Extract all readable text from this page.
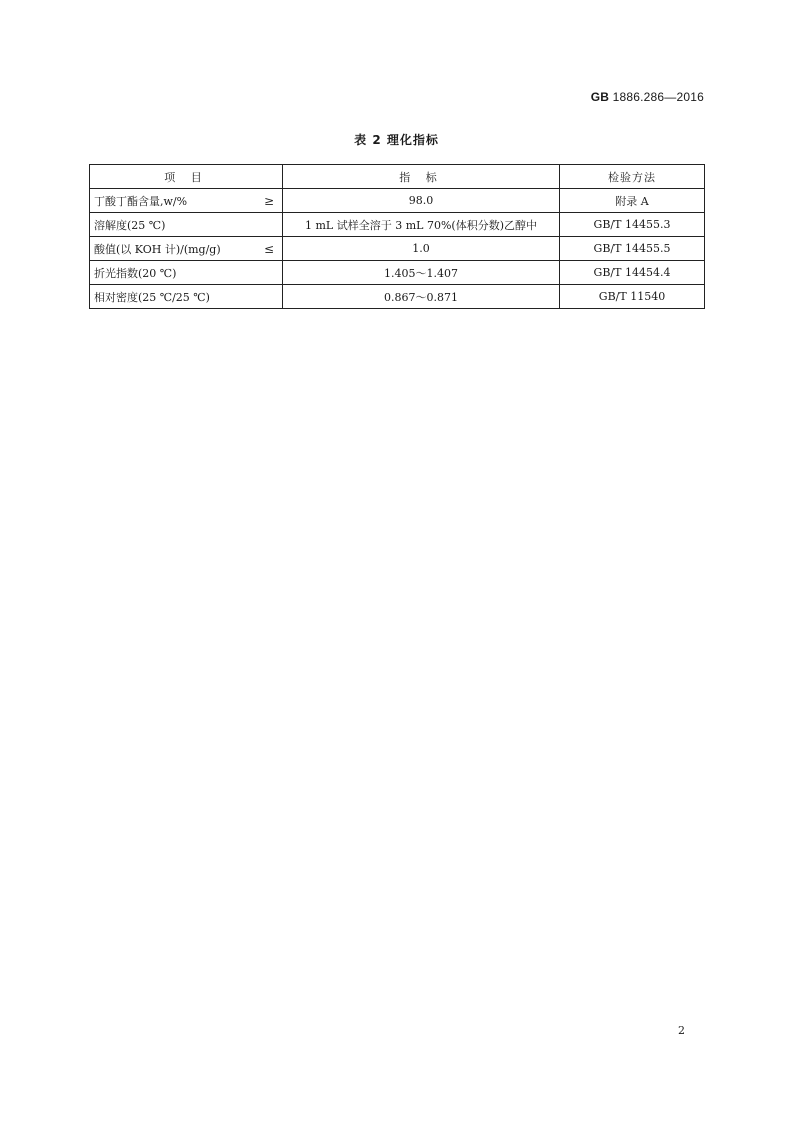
GB 1886.286—2016
表 2 理化指标
项 目	指 标	检验方法

丁酸丁酯含量,w/% ≥	98.0	附录 A

溶解度(25 ℃)	1 mL 试样全溶于 3 mL 70%(体积分数)乙醇中	GB/T 14455.3

酸值(以 KOH 计)/(mg/g) ≤	1.0	GB/T 14455.5

折光指数(20 ℃)	1.405～1.407	GB/T 14454.4

相对密度(25 ℃/25 ℃)	0.867～0.871	GB/T 11540
2
